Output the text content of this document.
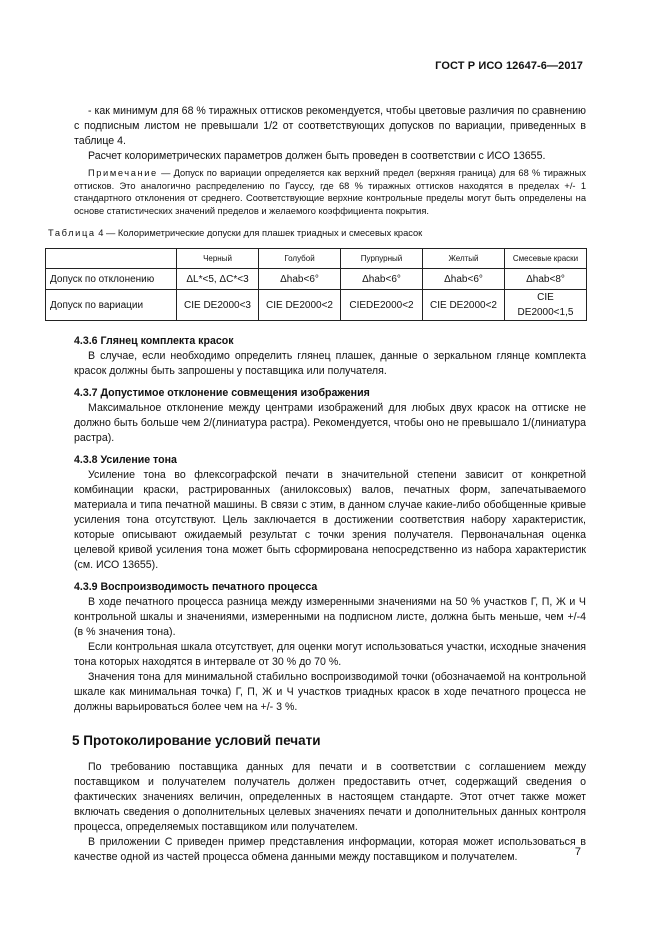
ГОСТ Р ИСО 12647-6—2017

- как минимум для 68 % тиражных оттисков рекомендуется, чтобы цветовые различия по сравнению с подписным листом не превышали 1/2 от соответствующих допусков по вариации, приведенных в таблице 4.

Расчет колориметрических параметров должен быть проведен в соответствии с ИСО 13655.

Примечание — Допуск по вариации определяется как верхний предел (верхняя граница) для 68 % тиражных оттисков. Это аналогично распределению по Гауссу, где 68 % тиражных оттисков находятся в пределах +/- 1 стандартного отклонения от среднего. Соответствующие верхние контрольные пределы могут быть определены на основе статистических значений пределов и желаемого коэффициента покрытия.

Таблица 4 — Колориметрические допуски для плашек триадных и смесевых красок

	Черный	Голубой	Пурпурный	Желтый	Смесевые краски
Допуск по отклонению	ΔL*<5, ΔC*<3	Δhab<6°	Δhab<6°	Δhab<6°	Δhab<8°
Допуск по вариации	CIE DE2000<3	CIE DE2000<2	CIEDE2000<2	CIE DE2000<2	CIE DE2000<1,5

4.3.6 Глянец комплекта красок

В случае, если необходимо определить глянец плашек, данные о зеркальном глянце комплекта красок должны быть запрошены у поставщика или получателя.

4.3.7 Допустимое отклонение совмещения изображения

Максимальное отклонение между центрами изображений для любых двух красок на оттиске не должно быть больше чем 2/(линиатура растра). Рекомендуется, чтобы оно не превышало 1/(линиатура растра).

4.3.8 Усиление тона

Усиление тона во флексографской печати в значительной степени зависит от конкретной комбинации краски, растрированных (анилоксовых) валов, печатных форм, запечатываемого материала и типа печатной машины. В связи с этим, в данном случае какие-либо обобщенные кривые усиления тона отсутствуют. Цель заключается в достижении соответствия набору характеристик, которые описывают ожидаемый результат с точки зрения получателя. Первоначальная оценка целевой кривой усиления тона может быть сформирована непосредственно из набора характеристик (см. ИСО 13655).

4.3.9 Воспроизводимость печатного процесса

В ходе печатного процесса разница между измеренными значениями на 50 % участков Г, П, Ж и Ч контрольной шкалы и значениями, измеренными на подписном листе, должна быть меньше, чем +/-4 (в % значения тона).

Если контрольная шкала отсутствует, для оценки могут использоваться участки, исходные значения тона которых находятся в интервале от 30 % до 70 %.

Значения тона для минимальной стабильно воспроизводимой точки (обозначаемой на контрольной шкале как минимальная точка) Г, П, Ж и Ч участков триадных красок в ходе печатного процесса не должны варьироваться более чем на +/- 3 %.

5 Протоколирование условий печати

По требованию поставщика данных для печати и в соответствии с соглашением между поставщиком и получателем получатель должен предоставить отчет, содержащий сведения о фактических значениях величин, определенных в настоящем стандарте. Этот отчет также может включать сведения о дополнительных целевых значениях печати и дополнительных данных контроля процесса, определяемых поставщиком или получателем.

В приложении С приведен пример представления информации, которая может использоваться в качестве одной из частей процесса обмена данными между поставщиком и получателем.	7
